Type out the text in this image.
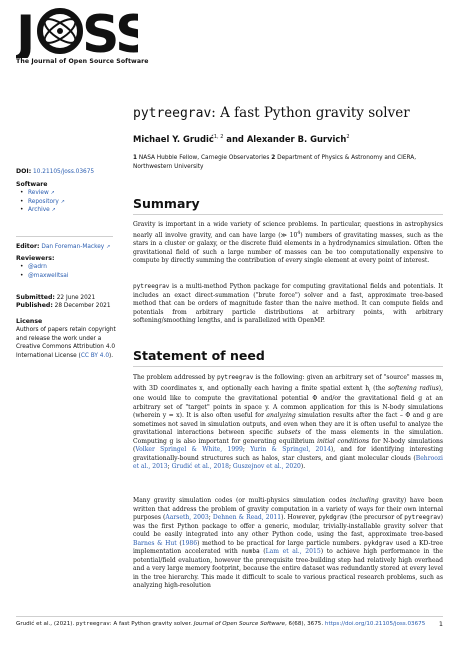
J SS
The Journal of Open Source Software
pytreegrav: A fast Python gravity solver
Michael Y. Grudić$^{1, 2}$ and Alexander B. Gurvich$^2$
1 NASA Hubble Fellow, Carnegie Observatories 2 Department of Physics & Astronomy and CIERA, Northwestern University
DOI: 10.21105/joss.03675
Software
• Review ↗
• Repository ↗
• Archive ↗
Editor: Dan Foreman-Mackey ↗
Reviewers:
• @adrn
• @maxwelltsai
Submitted: 22 June 2021
Published: 28 December 2021
License
Authors of papers retain copyright and release the work under a Creative Commons Attribution 4.0 International License (CC BY 4.0).
Summary

Gravity is important in a wide variety of science problems. In particular, questions in astrophysics nearly all involve gravity, and can have large (≫ $10^4$) numbers of gravitating masses, such as the stars in a cluster or galaxy, or the discrete fluid elements in a hydrodynamics simulation. Often the gravitational field of such a large number of masses can be too computationally expensive to compute by directly summing the contribution of every single element at every point of interest.

pytreegrav is a multi-method Python package for computing gravitational fields and potentials. It includes an exact direct-summation ("brute force") solver and a fast, approximate tree-based method that can be orders of magnitude faster than the naive method. It can compute fields and potentials from arbitrary particle distributions at arbitrary points, with arbitrary softening/smoothing lengths, and is parallelized with OpenMP.

Statement of need

The problem addressed by pytreegrav is the following: given an arbitrary set of "source" masses $m_i$ with 3D coordinates x, and optionally each having a finite spatial extent $h_i$ (the softening radius), one would like to compute the gravitational potential Φ and/or the gravitational field g at an arbitrary set of "target" points in space y. A common application for this is N-body simulations (wherein y = x). It is also often useful for analyzing simulation results after the fact – Φ and g are sometimes not saved in simulation outputs, and even when they are it is often useful to analyze the gravitational interactions between specific subsets of the mass elements in the simulation. Computing g is also important for generating equilibrium initial conditions for N-body simulations (Volker Springel & White, 1999; Yurin & Springel, 2014), and for identifying interesting gravitationally-bound structures such as halos, star clusters, and giant molecular clouds (Behroozi et al., 2013; Grudić et al., 2018; Guszejnov et al., 2020).

Many gravity simulation codes (or multi-physics simulation codes including gravity) have been written that address the problem of gravity computation in a variety of ways for their own internal purposes (Aarseth, 2003; Dehnen & Read, 2011). However, pykdgrav (the precursor of pytreegrav) was the first Python package to offer a generic, modular, trivially-installable gravity solver that could be easily integrated into any other Python code, using the fast, approximate tree-based Barnes & Hut (1986) method to be practical for large particle numbers. pykdgrav used a KD-tree implementation accelerated with numba (Lam et al., 2015) to achieve high performance in the potential/field evaluation, however the prerequisite tree-building step had relatively high overhead and a very large memory footprint, because the entire dataset was redundantly stored at every level in the tree hierarchy. This made it difficult to scale to various practical research problems, such as analyzing high-resolution

Grudić et al., (2021). pytreegrav: A fast Python gravity solver. Journal of Open Source Software, 6(68), 3675. https://doi.org/10.21105/joss.03675	1
